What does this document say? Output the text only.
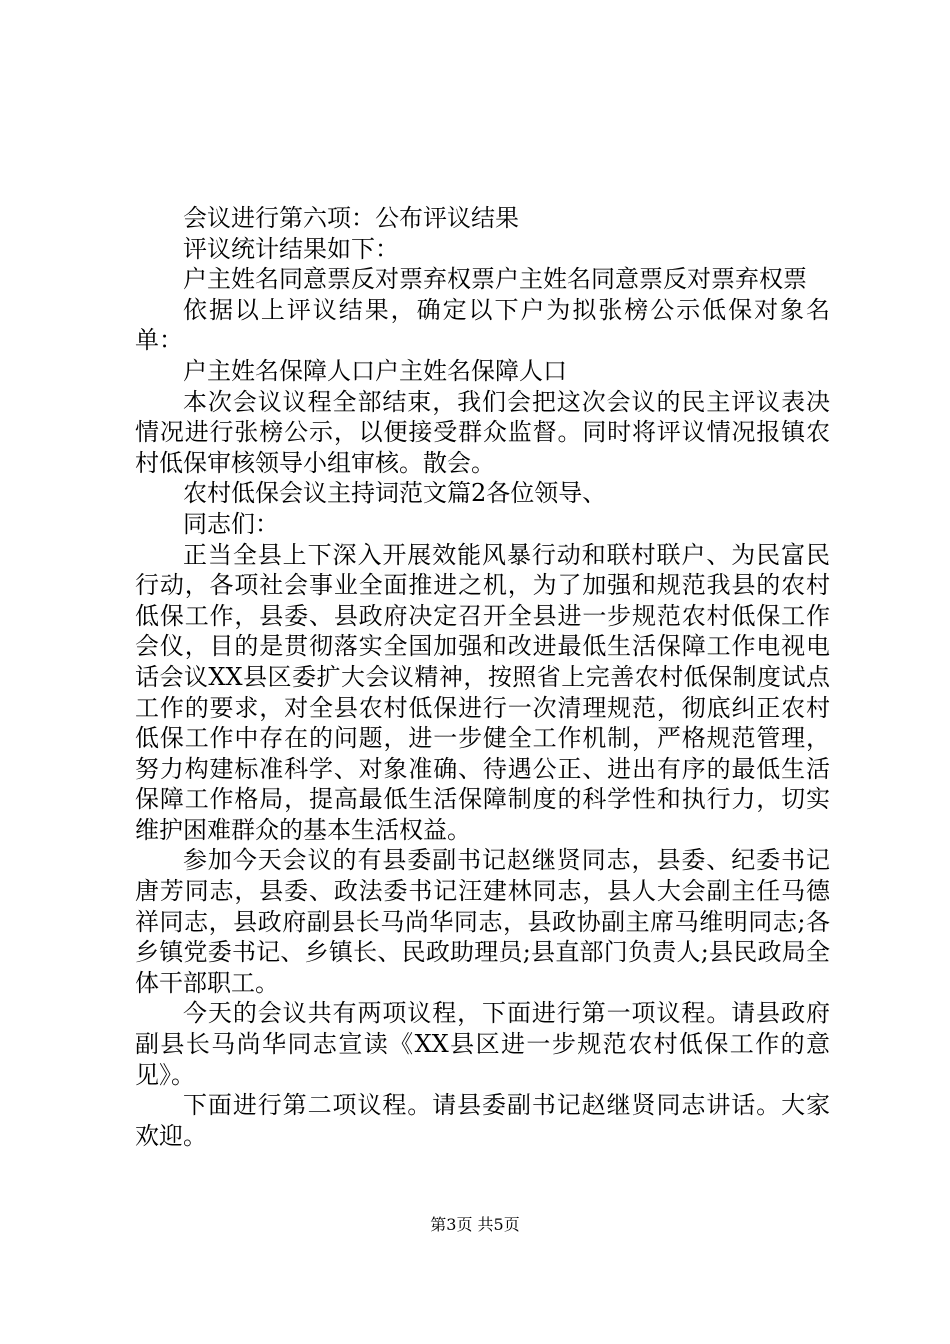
会议进行第六项：公布评议结果

评议统计结果如下：

户主姓名同意票反对票弃权票户主姓名同意票反对票弃权票

依据以上评议结果，确定以下户为拟张榜公示低保对象名单：

户主姓名保障人口户主姓名保障人口

本次会议议程全部结束，我们会把这次会议的民主评议表决情况进行张榜公示，以便接受群众监督。同时将评议情况报镇农村低保审核领导小组审核。散会。

农村低保会议主持词范文篇2各位领导、

同志们：

正当全县上下深入开展效能风暴行动和联村联户、为民富民行动，各项社会事业全面推进之机，为了加强和规范我县的农村低保工作，县委、县政府决定召开全县进一步规范农村低保工作会仪，目的是贯彻落实全国加强和改进最低生活保障工作电视电话会议XX县区委扩大会议精神，按照省上完善农村低保制度试点工作的要求，对全县农村低保进行一次清理规范，彻底纠正农村低保工作中存在的问题，进一步健全工作机制，严格规范管理，努力构建标准科学、对象准确、待遇公正、进出有序的最低生活保障工作格局，提高最低生活保障制度的科学性和执行力，切实维护困难群众的基本生活权益。

参加今天会议的有县委副书记赵继贤同志，县委、纪委书记唐芳同志，县委、政法委书记汪建林同志，县人大会副主任马德祥同志，县政府副县长马尚华同志，县政协副主席马维明同志;各乡镇党委书记、乡镇长、民政助理员;县直部门负责人;县民政局全体干部职工。

今天的会议共有两项议程，下面进行第一项议程。请县政府副县长马尚华同志宣读《XX县区进一步规范农村低保工作的意见》。

下面进行第二项议程。请县委副书记赵继贤同志讲话。大家欢迎。

第3页 共5页
